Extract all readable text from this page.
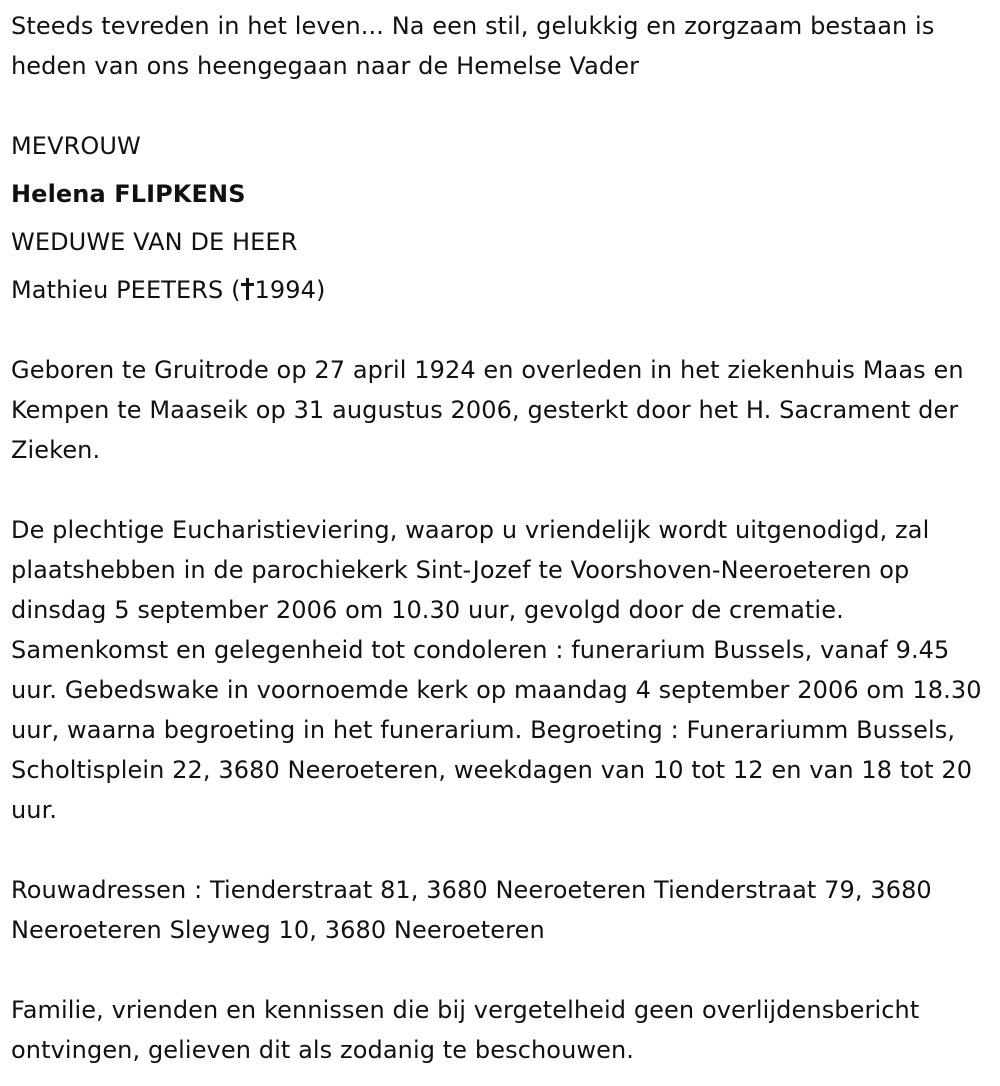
Steeds tevreden in het leven... Na een stil, gelukkig en zorgzaam bestaan is heden van ons heengegaan naar de Hemelse Vader

MEVROUW

Helena FLIPKENS

WEDUWE VAN DE HEER

Mathieu PEETERS ( 1994)

Geboren te Gruitrode op 27 april 1924 en overleden in het ziekenhuis Maas en Kempen te Maaseik op 31 augustus 2006, gesterkt door het H. Sacrament der Zieken.

De plechtige Eucharistieviering, waarop u vriendelijk wordt uitgenodigd, zal plaatshebben in de parochiekerk Sint-Jozef te Voorshoven-Neeroeteren op dinsdag 5 september 2006 om 10.30 uur, gevolgd door de crematie. Samenkomst en gelegenheid tot condoleren : funerarium Bussels, vanaf 9.45 uur. Gebedswake in voornoemde kerk op maandag 4 september 2006 om 18.30 uur, waarna begroeting in het funerarium. Begroeting : Funerariumm Bussels, Scholtisplein 22, 3680 Neeroeteren, weekdagen van 10 tot 12 en van 18 tot 20 uur.

Rouwadressen : Tienderstraat 81, 3680 Neeroeteren Tienderstraat 79, 3680 Neeroeteren Sleyweg 10, 3680 Neeroeteren

Familie, vrienden en kennissen die bij vergetelheid geen overlijdensbericht ontvingen, gelieven dit als zodanig te beschouwen.
